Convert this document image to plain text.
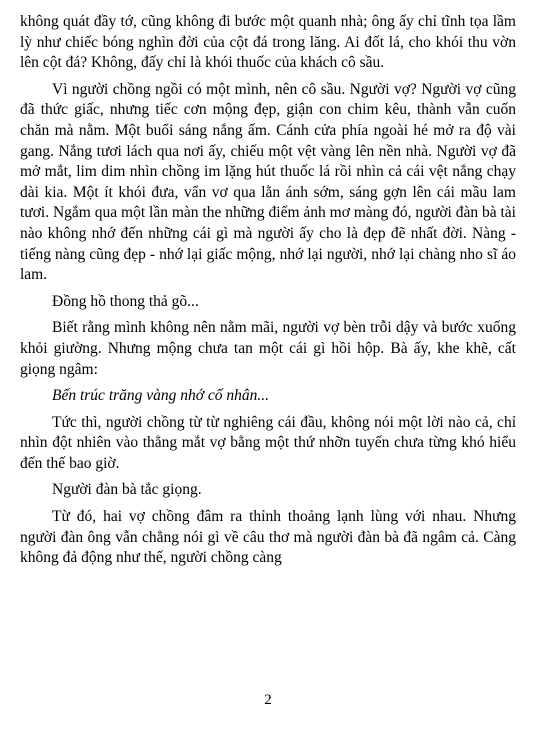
không quát đầy tớ, cũng không đi bước một quanh nhà; ông ấy chỉ tĩnh tọa lầm lỳ như chiếc bóng nghìn đời của cột đá trong lăng. Ai đốt lá, cho khói thu vờn lên cột đá? Không, đấy chỉ là khói thuốc của khách cô sầu.

Vì người chồng ngồi có một mình, nên cô sầu. Người vợ? Người vợ cũng đã thức giấc, nhưng tiếc cơn mộng đẹp, giận con chim kêu, thành vẫn cuốn chăn mà nằm. Một buổi sáng nắng ấm. Cánh cửa phía ngoài hé mở ra độ vài gang. Nắng tươi lách qua nơi ấy, chiếu một vệt vàng lên nền nhà. Người vợ đã mở mắt, lim dim nhìn chồng im lặng hút thuốc lá rồi nhìn cả cái vệt nắng chạy dài kia. Một ít khói đưa, vẩn vơ qua lằn ánh sớm, sáng gợn lên cái mầu lam tươi. Ngắm qua một lần màn the những điểm ảnh mơ màng đó, người đàn bà tài nào không nhớ đến những cái gì mà người ấy cho là đẹp đẽ nhất đời. Nàng - tiếng nàng cũng đẹp - nhớ lại giấc mộng, nhớ lại người, nhớ lại chàng nho sĩ áo lam.

Đồng hồ thong thả gõ...

Biết rằng mình không nên nằm mãi, người vợ bèn trỗi dậy và bước xuống khỏi giường. Nhưng mộng chưa tan một cái gì hồi hộp. Bà ấy, khe khẽ, cất giọng ngâm:

Bến trúc trăng vàng nhớ cố nhân...

Tức thì, người chồng từ từ nghiêng cái đầu, không nói một lời nào cả, chỉ nhìn đột nhiên vào thẳng mắt vợ bằng một thứ nhỡn tuyến chưa từng khó hiểu đến thế bao giờ.

Người đàn bà tắc giọng.

Từ đó, hai vợ chồng đâm ra thỉnh thoảng lạnh lùng với nhau. Nhưng người đàn ông vẫn chẳng nói gì về câu thơ mà người đàn bà đã ngâm cả. Càng không đả động như thế, người chồng càng

2
